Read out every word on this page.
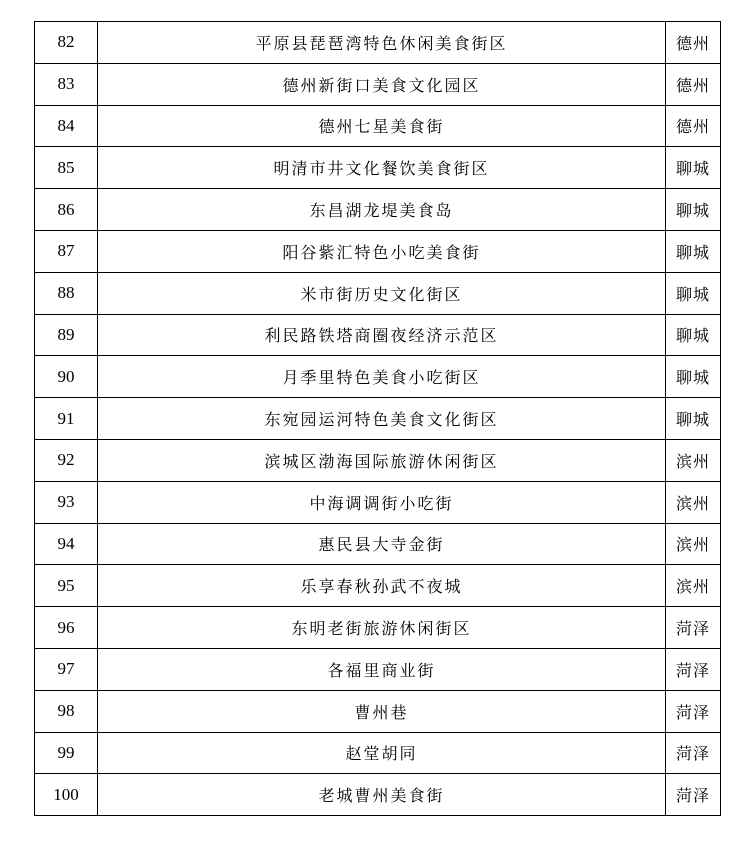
82	平原县琵琶湾特色休闲美食街区	德州
83	德州新街口美食文化园区	德州
84	德州七星美食街	德州
85	明清市井文化餐饮美食街区	聊城
86	东昌湖龙堤美食岛	聊城
87	阳谷紫汇特色小吃美食街	聊城
88	米市街历史文化街区	聊城
89	利民路铁塔商圈夜经济示范区	聊城
90	月季里特色美食小吃街区	聊城
91	东宛园运河特色美食文化街区	聊城
92	滨城区渤海国际旅游休闲街区	滨州
93	中海调调街小吃街	滨州
94	惠民县大寺金街	滨州
95	乐享春秋孙武不夜城	滨州
96	东明老街旅游休闲街区	菏泽
97	各福里商业街	菏泽
98	曹州巷	菏泽
99	赵堂胡同	菏泽
100	老城曹州美食街	菏泽
